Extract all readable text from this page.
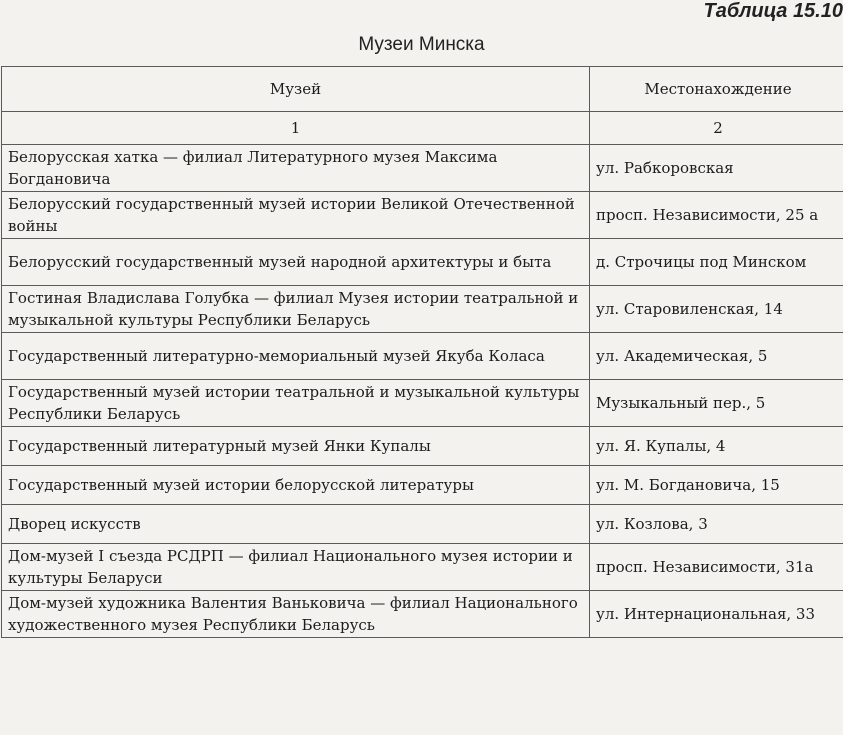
Таблица 15.10
Музеи Минска
Музей	Местонахождение
1	2
Белорусская хатка — филиал Литературного музея Максима Богдановича	ул. Рабкоровская
Белорусский государственный музей истории Великой Отечественной войны	просп. Независимости, 25 а
Белорусский государственный музей народной архитектуры и быта	д. Строчицы под Минском
Гостиная Владислава Голубка — филиал Музея истории театральной и музыкальной культуры Республики Беларусь	ул. Старовиленская, 14
Государственный литературно-мемориальный музей Якуба Коласа	ул. Академическая, 5
Государственный музей истории театральной и музыкальной культуры Республики Беларусь	Музыкальный пер., 5
Государственный литературный музей Янки Купалы	ул. Я. Купалы, 4
Государственный музей истории белорусской литературы	ул. М. Богдановича, 15
Дворец искусств	ул. Козлова, 3
Дом-музей I съезда РСДРП — филиал Национального музея истории и культуры Беларуси	просп. Независимости, 31а
Дом-музей художника Валентия Ваньковича — филиал Национального художественного музея Республики Беларусь	ул. Интернациональная, 33
